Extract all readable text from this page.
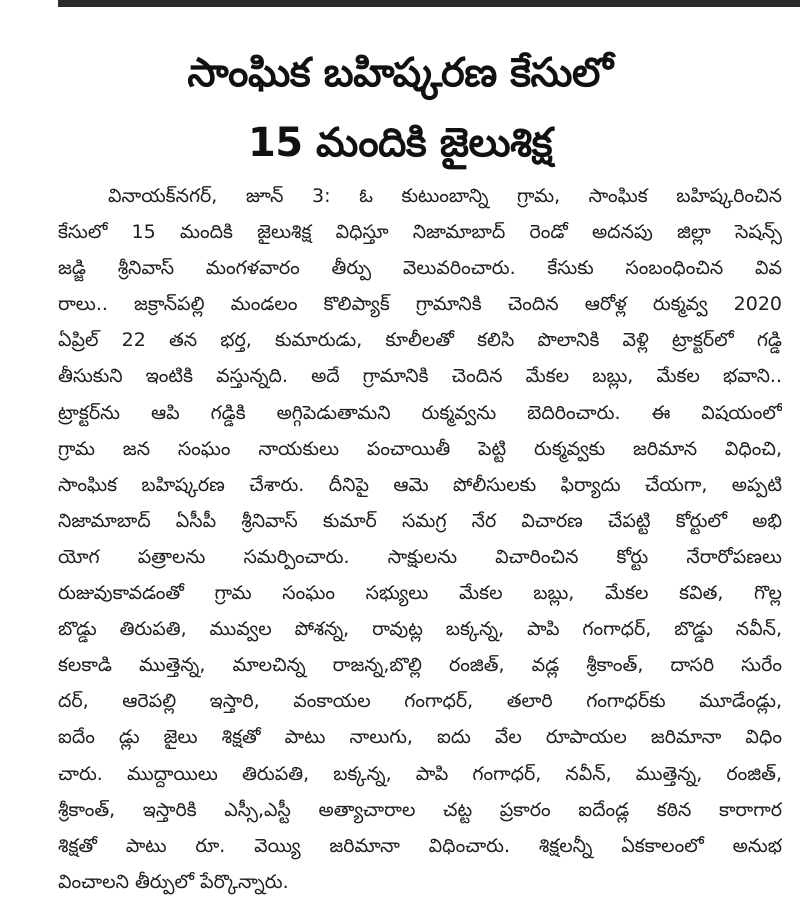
సాంఘిక బహిష్కరణ కేసులో
15 మందికి జైలుశిక్ష
వినాయక్‌నగర్, జూన్ 3: ఓ కుటుంబాన్ని గ్రామ, సాంఘిక బహిష్కరించిన
కేసులో 15 మందికి జైలుశిక్ష విధిస్తూ నిజామాబాద్ రెండో అదనపు జిల్లా సెషన్స్
జడ్జి శ్రీనివాస్ మంగళవారం తీర్పు వెలువరించారు. కేసుకు సంబంధించిన వివ
రాలు.. జక్రాన్‌పల్లి మండలం కొలిప్యాక్ గ్రామానికి చెందిన ఆరోళ్ల రుక్మవ్వ 2020
ఏప్రిల్ 22 తన భర్త, కుమారుడు, కూలీలతో కలిసి పొలానికి వెళ్లి ట్రాక్టర్‌లో గడ్డి
తీసుకుని ఇంటికి వస్తున్నది. అదే గ్రామానికి చెందిన మేకల బబ్లు, మేకల భవాని..
ట్రాక్టర్‌ను ఆపి గడ్డికి అగ్గిపెడుతామని రుక్మవ్వను బెదిరించారు. ఈ విషయంలో
గ్రామ జన సంఘం నాయకులు పంచాయితీ పెట్టి రుక్మవ్వకు జరిమాన విధించి,
సాంఘిక బహిష్కరణ చేశారు. దీనిపై ఆమె పోలీసులకు ఫిర్యాదు చేయగా, అప్పటి
నిజామాబాద్ ఏసీపీ శ్రీనివాస్ కుమార్ సమగ్ర నేర విచారణ చేపట్టి కోర్టులో అభి
యోగ పత్రాలను సమర్పించారు. సాక్షులను విచారించిన కోర్టు నేరారోపణలు
రుజువుకావడంతో గ్రామ సంఘం సభ్యులు మేకల బబ్లు, మేకల కవిత, గొల్ల
బొడ్డు తిరుపతి, మువ్వల పోశన్న, రావుట్ల బక్కన్న, పాపి గంగాధర్, బొడ్డు నవీన్,
కలకాడి ముత్తెన్న, మాలచిన్న రాజన్న,బొల్లి రంజిత్, వడ్ల శ్రీకాంత్, దాసరి సురేం
దర్, ఆరెపల్లి ఇస్తారి, వంకాయల గంగాధర్, తలారి గంగాధర్‌కు మూడేండ్లు,
ఐదేం డ్లు జైలు శిక్షతో పాటు నాలుగు, ఐదు వేల రూపాయల జరిమానా విధిం
చారు. ముద్దాయిలు తిరుపతి, బక్కన్న, పాపి గంగాధర్, నవీన్, ముత్తెన్న, రంజిత్,
శ్రీకాంత్, ఇస్తారికి ఎస్సీ,ఎస్టీ అత్యాచారాల చట్ట ప్రకారం ఐదేండ్ల కఠిన కారాగార
శిక్షతో పాటు రూ. వెయ్యి జరిమానా విధించారు. శిక్షలన్నీ ఏకకాలంలో అనుభ
వించాలని తీర్పులో పేర్కొన్నారు.
